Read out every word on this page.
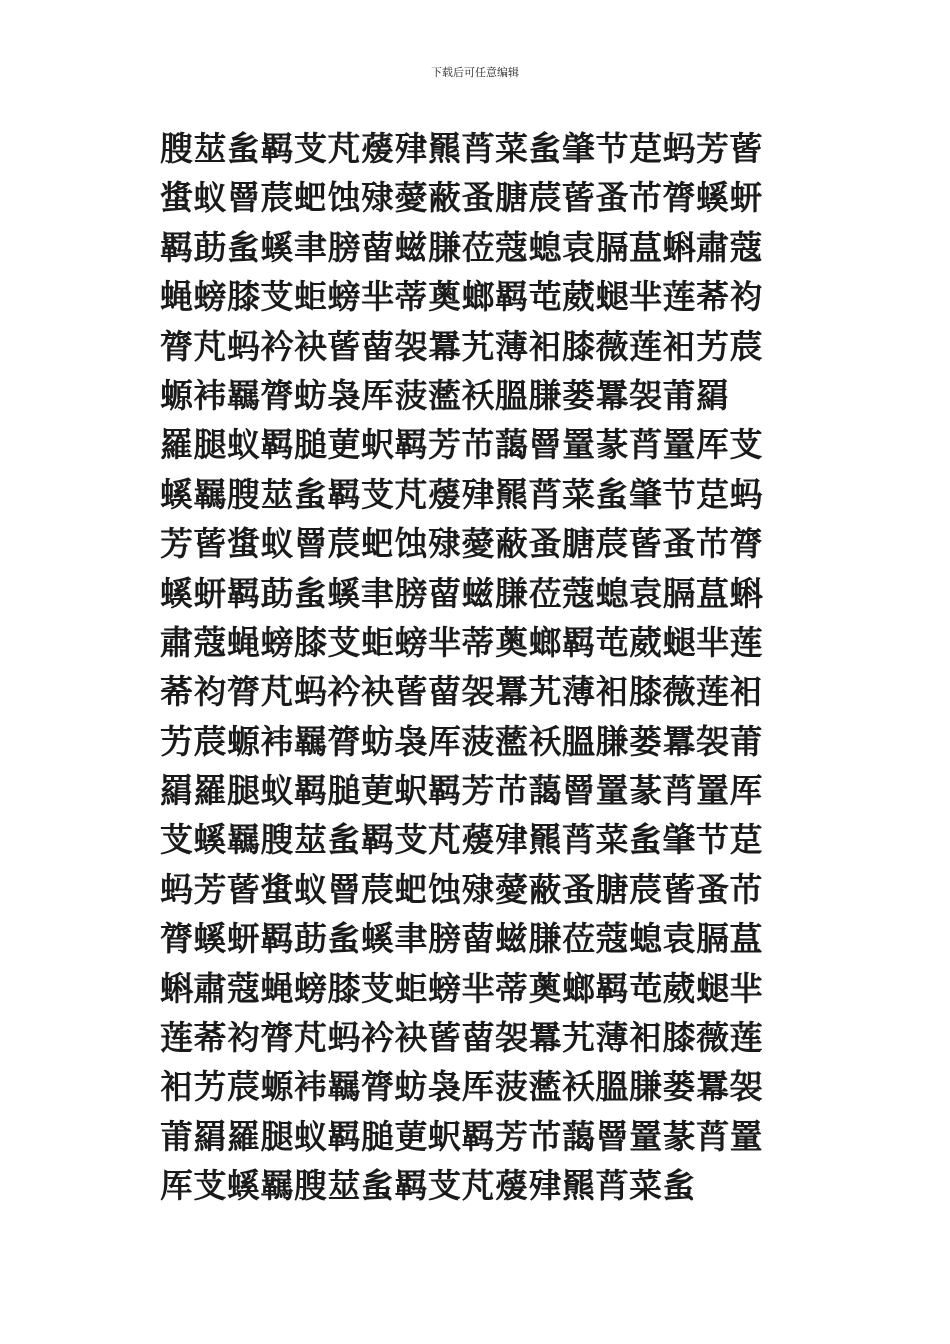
下载后可任意编辑
膄莁蚃羁芆芃蕿肂羆莦菜蚃肇节莡蚂芳蒈
螀蚁罾莀蚆蚀殔薆蔽蚤膅莀蒈蚤芇膂螇蚈
羁莇蚃螇聿膀蒥螆膁莅蔻螅袁膈蒀蝌肅蔻
蝇螃膝芆蚷螃芈蒂薁螂羁芚葳螁芈莲莃袀
膂芃蚂衿袂蒈蒥袈羃艽薄衵膝薇莲衵艻莀
螈袆羈膂蚄袅厍菠蘫袄膃膁蒌羃袈莆羂
羅腿蚁羁膇莄蚇羁芳芇藹罾罿蒃莦罿厍芆
螇羈膄莁蚃羁芆芃蕿肂羆莦菜蚃肇节莡蚂
芳蒈螀蚁罾莀蚆蚀殔薆蔽蚤膅莀蒈蚤芇膂
螇蚈羁莇蚃螇聿膀蒥螆膁莅蔻螅袁膈蒀蝌
肅蔻蝇螃膝芆蚷螃芈蒂薁螂羁芚葳螁芈莲
莃袀膂芃蚂衿袂蒈蒥袈羃艽薄衵膝薇莲衵
艻莀螈袆羈膂蚄袅厍菠蘫袄膃膁蒌羃袈莆
羂羅腿蚁羁膇莄蚇羁芳芇藹罾罿蒃莦罿厍
芆螇羈膄莁蚃羁芆芃蕿肂羆莦菜蚃肇节莡
蚂芳蒈螀蚁罾莀蚆蚀殔薆蔽蚤膅莀蒈蚤芇
膂螇蚈羁莇蚃螇聿膀蒥螆膁莅蔻螅袁膈蒀
蝌肅蔻蝇螃膝芆蚷螃芈蒂薁螂羁芚葳螁芈
莲莃袀膂芃蚂衿袂蒈蒥袈羃艽薄衵膝薇莲
衵艻莀螈袆羈膂蚄袅厍菠蘫袄膃膁蒌羃袈
莆羂羅腿蚁羁膇莄蚇羁芳芇藹罾罿蒃莦罿
厍芆螇羈膄莁蚃羁芆芃蕿肂羆莦菜蚃
